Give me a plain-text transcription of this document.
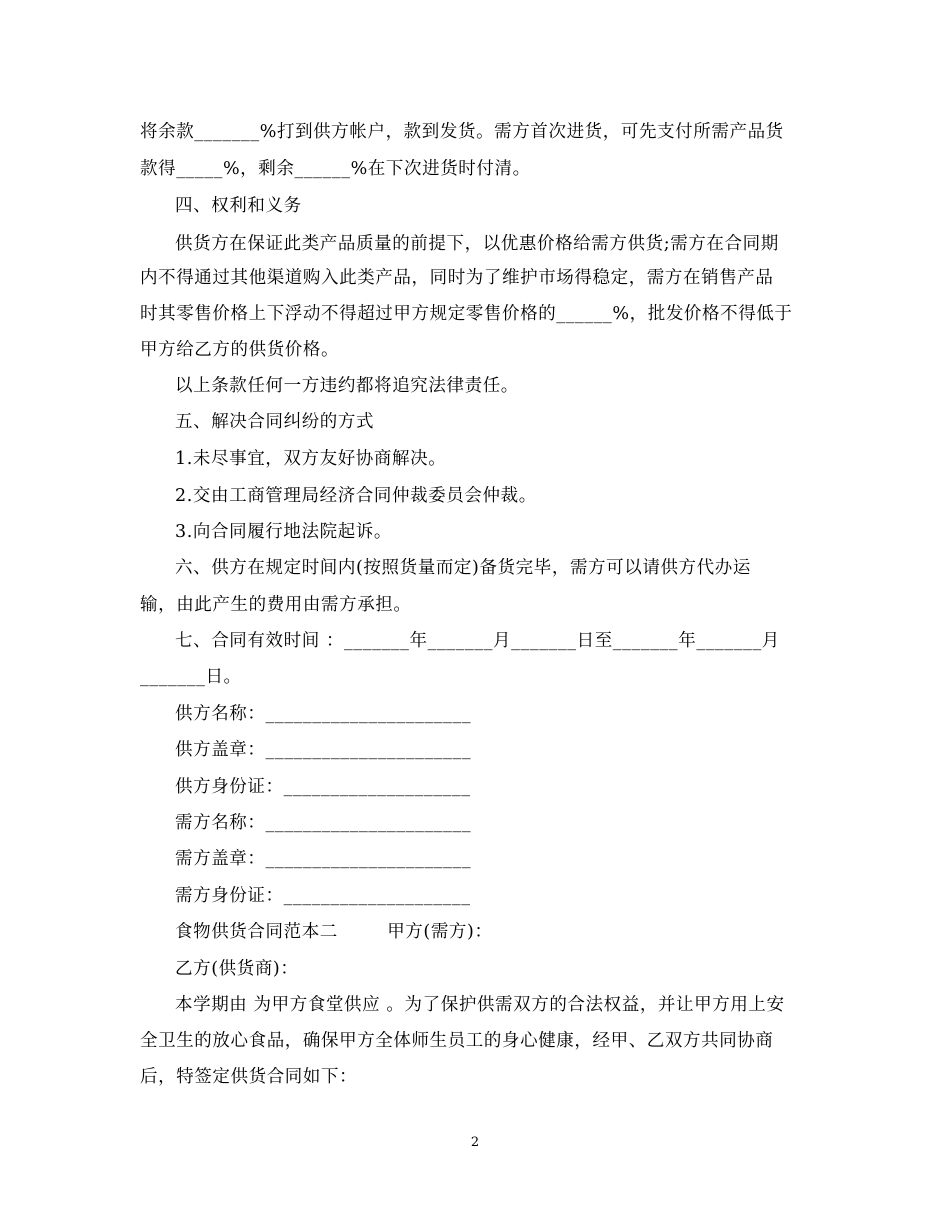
将余款_______%打到供方帐户，款到发货。需方首次进货，可先支付所需产品货
款得_____%，剩余______%在下次进货时付清。
四、权利和义务
供货方在保证此类产品质量的前提下，以优惠价格给需方供货;需方在合同期
内不得通过其他渠道购入此类产品，同时为了维护市场得稳定，需方在销售产品
时其零售价格上下浮动不得超过甲方规定零售价格的______%，批发价格不得低于
甲方给乙方的供货价格。
以上条款任何一方违约都将追究法律责任。
五、解决合同纠纷的方式
1.未尽事宜，双方友好协商解决。
2.交由工商管理局经济合同仲裁委员会仲裁。
3.向合同履行地法院起诉。
六、供方在规定时间内(按照货量而定)备货完毕，需方可以请供方代办运
输，由此产生的费用由需方承担。
七、合同有效时间 ：_______年_______月_______日至_______年_______月
_______日。
供方名称：______________________
供方盖章：______________________
供方身份证：____________________
需方名称：______________________
需方盖章：______________________
需方身份证：____________________
食物供货合同范本二        甲方(需方)：
乙方(供货商)：
本学期由 为甲方食堂供应 。为了保护供需双方的合法权益，并让甲方用上安
全卫生的放心食品，确保甲方全体师生员工的身心健康，经甲、乙双方共同协商
后，特签定供货合同如下：
2
